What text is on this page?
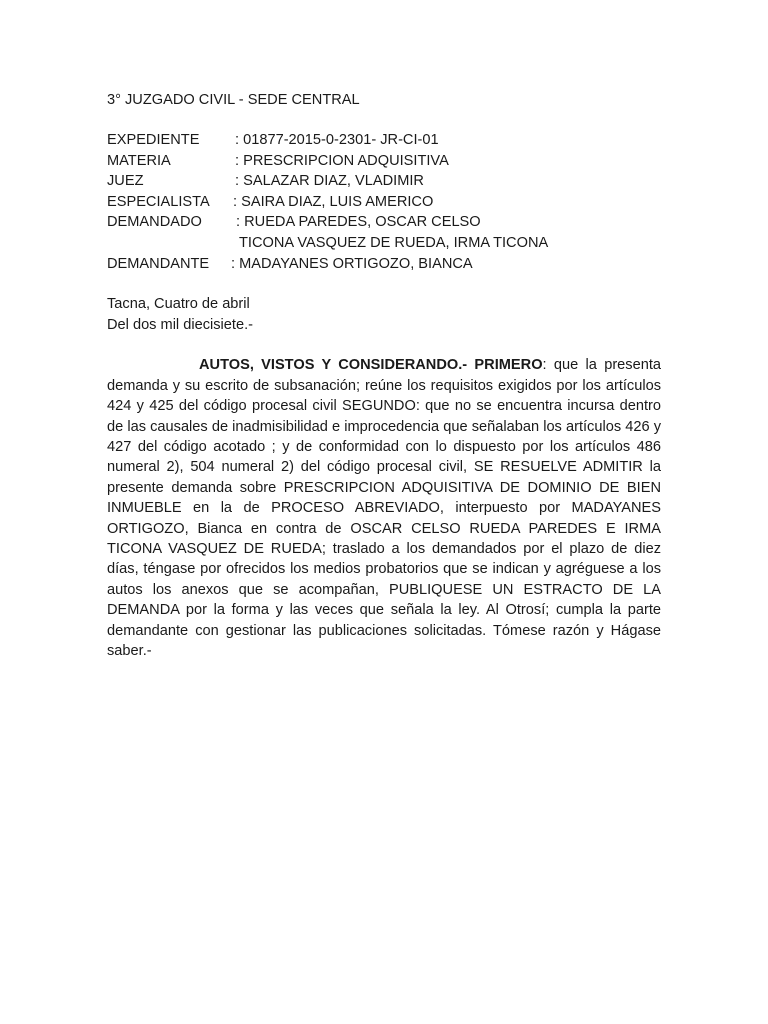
3° JUZGADO CIVIL - SEDE CENTRAL
EXPEDIENTE	: 01877-2015-0-2301- JR-CI-01
MATERIA	: PRESCRIPCION ADQUISITIVA
JUEZ	: SALAZAR DIAZ, VLADIMIR
ESPECIALISTA	: SAIRA DIAZ, LUIS AMERICO
DEMANDADO	: RUEDA PAREDES, OSCAR CELSO
TICONA VASQUEZ DE RUEDA, IRMA TICONA
DEMANDANTE	: MADAYANES ORTIGOZO, BIANCA
Tacna, Cuatro de abril
Del dos mil diecisiete.-

AUTOS, VISTOS Y CONSIDERANDO.- PRIMERO: que la presenta demanda y su escrito de subsanación; reúne los requisitos exigidos por los artículos 424 y 425 del código procesal civil SEGUNDO: que no se encuentra incursa dentro de las causales de inadmisibilidad e improcedencia que señalaban los artículos 426 y 427 del código acotado ; y de conformidad con lo dispuesto por los artículos 486 numeral 2), 504 numeral 2) del código procesal civil, SE RESUELVE ADMITIR la presente demanda sobre PRESCRIPCION ADQUISITIVA DE DOMINIO DE BIEN INMUEBLE en la de PROCESO ABREVIADO, interpuesto por MADAYANES ORTIGOZO, Bianca en contra de OSCAR CELSO RUEDA PAREDES E IRMA TICONA VASQUEZ DE RUEDA; traslado a los demandados por el plazo de diez días, téngase por ofrecidos los medios probatorios que se indican y agréguese a los autos los anexos que se acompañan, PUBLIQUESE UN ESTRACTO DE LA DEMANDA por la forma y las veces que señala la ley. Al Otrosí; cumpla la parte demandante con gestionar las publicaciones solicitadas. Tómese razón y Hágase saber.-
